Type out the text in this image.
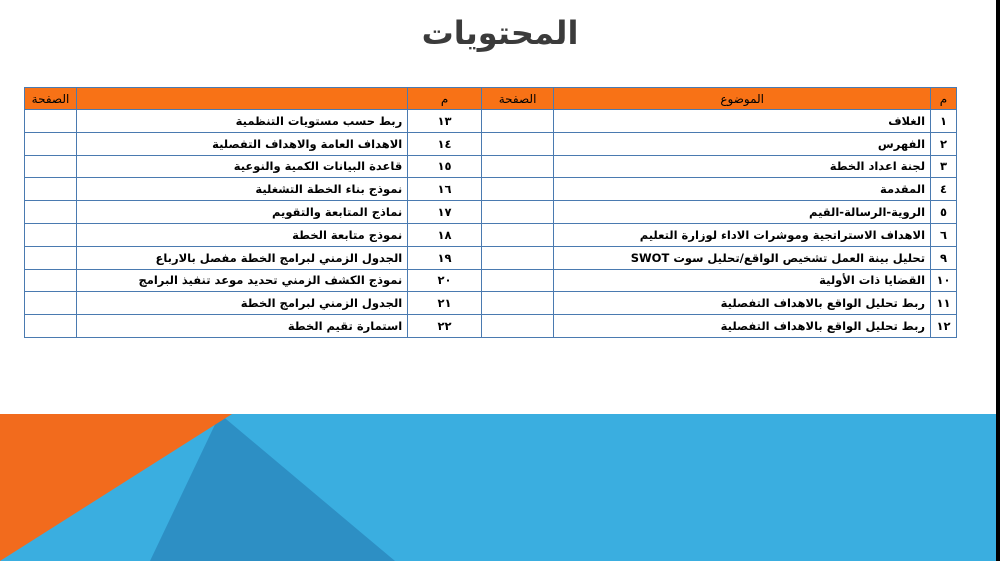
المحتويات
م	الموضوع	الصفحة	م		الصفحة
١	الغلاف		١٣	ربط حسب مستويات التنظمية	
٢	الفهرس		١٤	الاهداف العامة والاهداف التفصلية	
٣	لجنة اعداد الخطة		١٥	قاعدة البيانات الكمية والنوعية	
٤	المقدمة		١٦	نموذج بناء الخطة التشغلية	
٥	الروية-الرسالة-القيم		١٧	نماذج المتابعة والتقويم	
٦	الاهداف الاستراتجية وموشرات الاداء لوزارة التعليم		١٨	نموذج متابعة الخطة	
٩	تحليل بينة العمل تشخيص الواقع/تحليل سوت SWOT		١٩	الجدول الزمني لبرامج الخطة مفصل بالارباع	
١٠	القضايا ذات الأولية		٢٠	نموذج الكشف الزمني تحديد موعد تنفيذ البرامج	
١١	ربط تحليل الواقع بالاهداف التفصلية		٢١	الجدول الزمني لبرامج الخطة	
١٢	ربط تحليل الواقع بالاهداف التفصلية		٢٢	استمارة تقيم الخطة	
